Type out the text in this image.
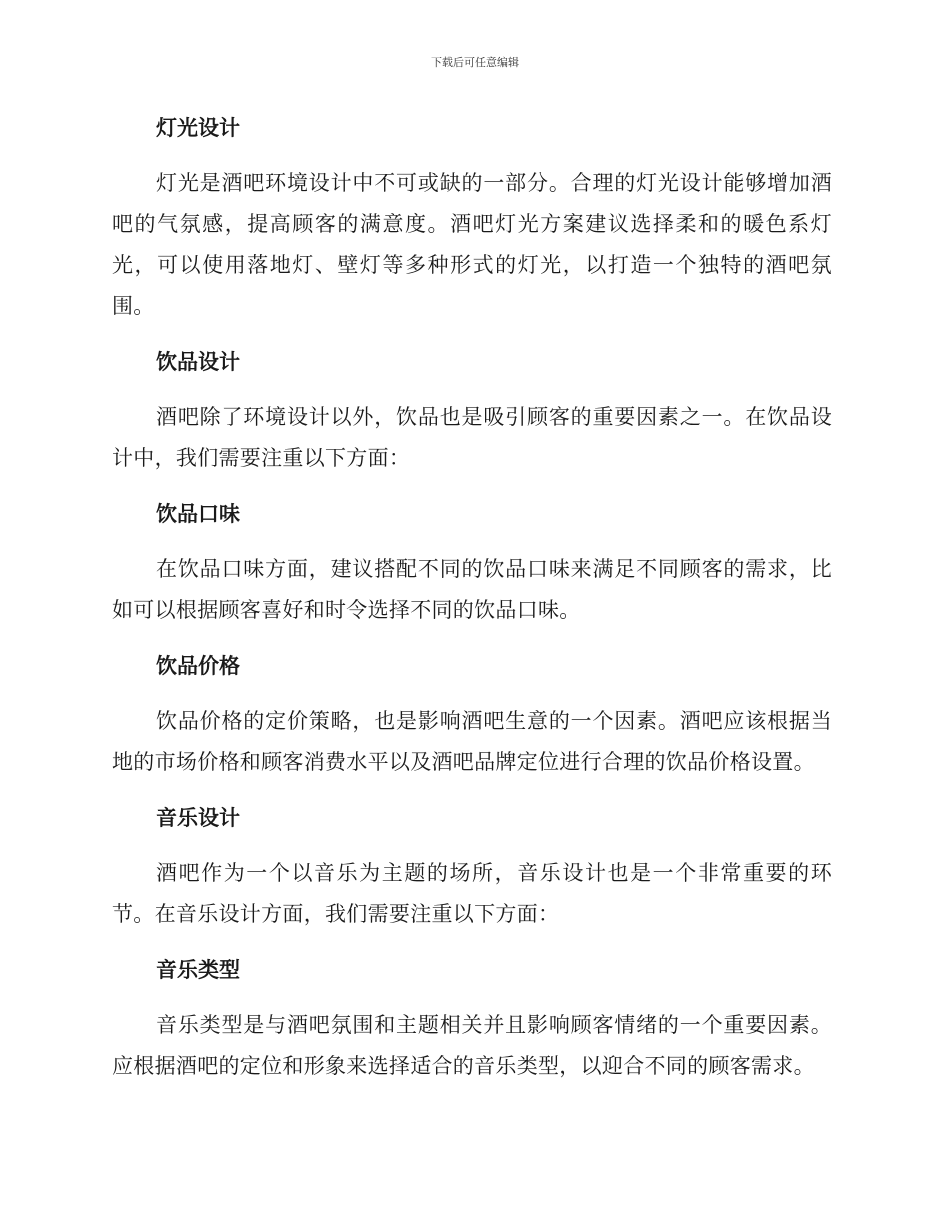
下载后可任意编辑
灯光设计

灯光是酒吧环境设计中不可或缺的一部分。合理的灯光设计能够增加酒吧的气氛感，提高顾客的满意度。酒吧灯光方案建议选择柔和的暖色系灯光，可以使用落地灯、壁灯等多种形式的灯光，以打造一个独特的酒吧氛围。

饮品设计

酒吧除了环境设计以外，饮品也是吸引顾客的重要因素之一。在饮品设计中，我们需要注重以下方面：

饮品口味

在饮品口味方面，建议搭配不同的饮品口味来满足不同顾客的需求，比如可以根据顾客喜好和时令选择不同的饮品口味。

饮品价格

饮品价格的定价策略，也是影响酒吧生意的一个因素。酒吧应该根据当地的市场价格和顾客消费水平以及酒吧品牌定位进行合理的饮品价格设置。

音乐设计

酒吧作为一个以音乐为主题的场所，音乐设计也是一个非常重要的环节。在音乐设计方面，我们需要注重以下方面：

音乐类型

音乐类型是与酒吧氛围和主题相关并且影响顾客情绪的一个重要因素。应根据酒吧的定位和形象来选择适合的音乐类型，以迎合不同的顾客需求。
